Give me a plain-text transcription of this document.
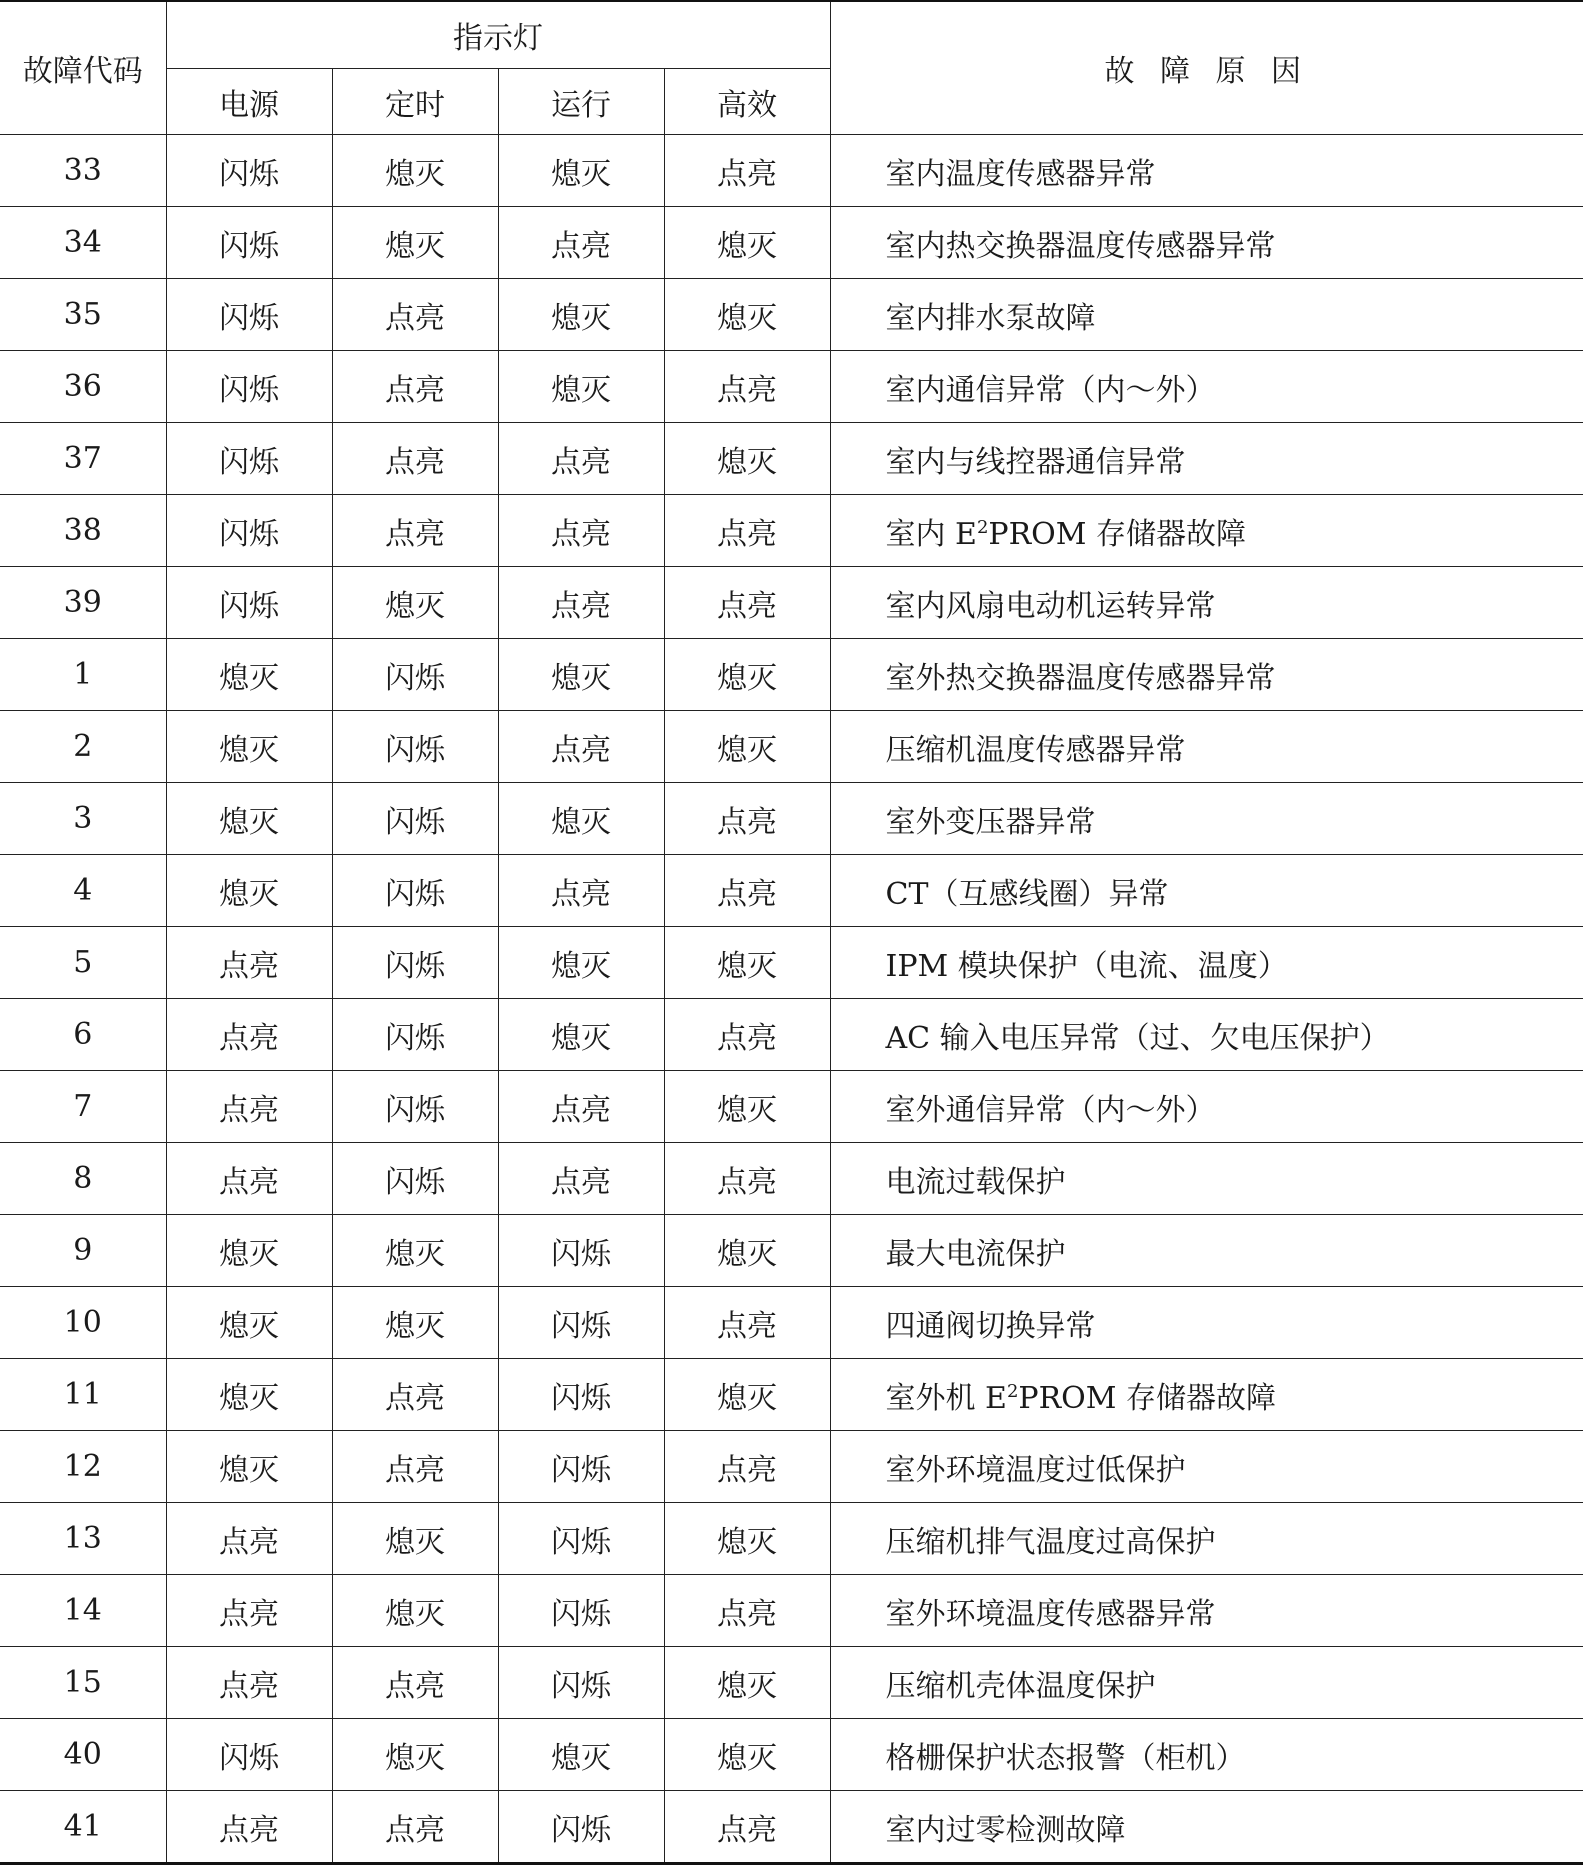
故障代码	指示灯				故 障 原 因
	电源	定时	运行	高效	
33	闪烁	熄灭	熄灭	点亮	室内温度传感器异常
34	闪烁	熄灭	点亮	熄灭	室内热交换器温度传感器异常
35	闪烁	点亮	熄灭	熄灭	室内排水泵故障
36	闪烁	点亮	熄灭	点亮	室内通信异常（内～外）
37	闪烁	点亮	点亮	熄灭	室内与线控器通信异常
38	闪烁	点亮	点亮	点亮	室内 $E^2PROM$ 存储器故障
39	闪烁	熄灭	点亮	点亮	室内风扇电动机运转异常
1	熄灭	闪烁	熄灭	熄灭	室外热交换器温度传感器异常
2	熄灭	闪烁	点亮	熄灭	压缩机温度传感器异常
3	熄灭	闪烁	熄灭	点亮	室外变压器异常
4	熄灭	闪烁	点亮	点亮	CT（互感线圈）异常
5	点亮	闪烁	熄灭	熄灭	IPM 模块保护（电流、温度）
6	点亮	闪烁	熄灭	点亮	AC 输入电压异常（过、欠电压保护）
7	点亮	闪烁	点亮	熄灭	室外通信异常（内～外）
8	点亮	闪烁	点亮	点亮	电流过载保护
9	熄灭	熄灭	闪烁	熄灭	最大电流保护
10	熄灭	熄灭	闪烁	点亮	四通阀切换异常
11	熄灭	点亮	闪烁	熄灭	室外机 $E^2PROM$ 存储器故障
12	熄灭	点亮	闪烁	点亮	室外环境温度过低保护
13	点亮	熄灭	闪烁	熄灭	压缩机排气温度过高保护
14	点亮	熄灭	闪烁	点亮	室外环境温度传感器异常
15	点亮	点亮	闪烁	熄灭	压缩机壳体温度保护
40	闪烁	熄灭	熄灭	熄灭	格栅保护状态报警（柜机）
41	点亮	点亮	闪烁	点亮	室内过零检测故障
